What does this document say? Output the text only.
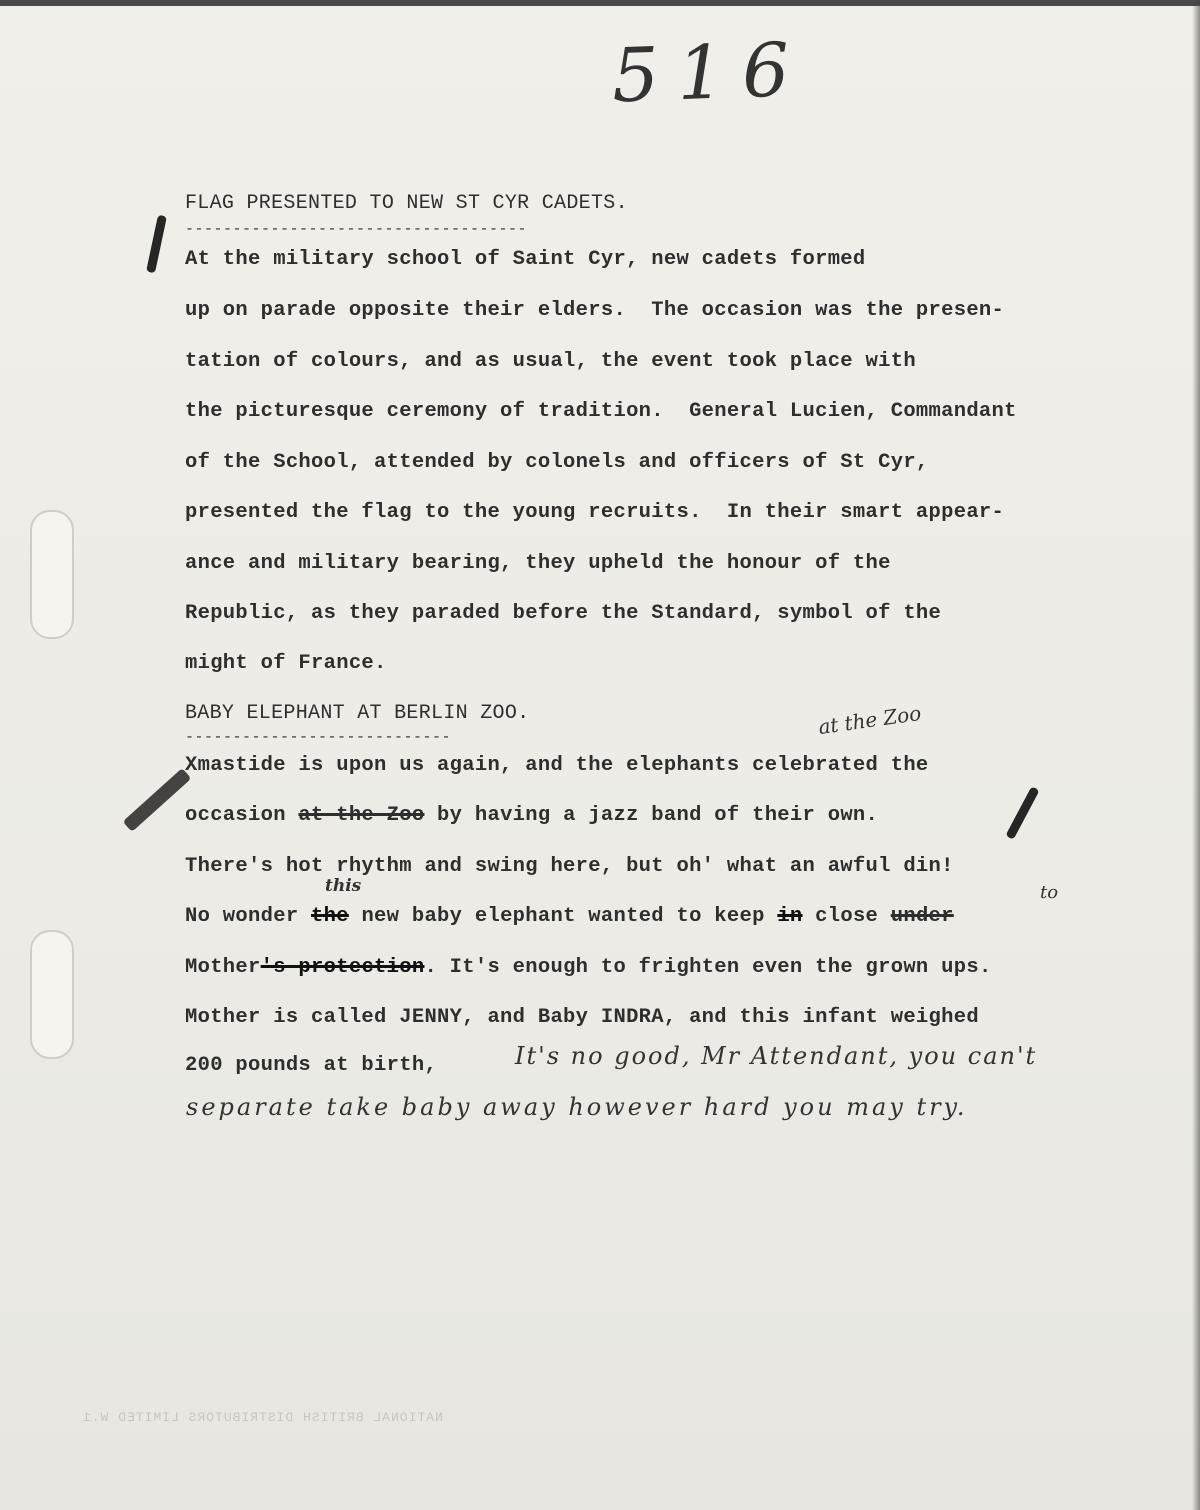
516
FLAG PRESENTED TO NEW ST CYR CADETS.
------------------------------------
At the military school of Saint Cyr, new cadets formed
up on parade opposite their elders.  The occasion was the presen-
tation of colours, and as usual, the event took place with
the picturesque ceremony of tradition.  General Lucien, Commandant
of the School, attended by colonels and officers of St Cyr,
presented the flag to the young recruits.  In their smart appear-
ance and military bearing, they upheld the honour of the
Republic, as they paraded before the Standard, symbol of the
might of France.
BABY ELEPHANT AT BERLIN ZOO.
----------------------------	at the Zoo
Xmastide is upon us again, and the elephants celebrated the
occasion at the Zoo by having a jazz band of their own.
There's hot rhythm and swing here, but oh' what an awful din!
this	to
No wonder the new baby elephant wanted to keep in close under
Mother's protection. It's enough to frighten even the grown ups.
Mother is called JENNY, and Baby INDRA, and this infant weighed
200 pounds at birth,	It's no good, Mr Attendant, you can't
separate take baby away however hard you may try.
NATIONAL BRITISH DISTRIBUTORS LIMITED W.1
